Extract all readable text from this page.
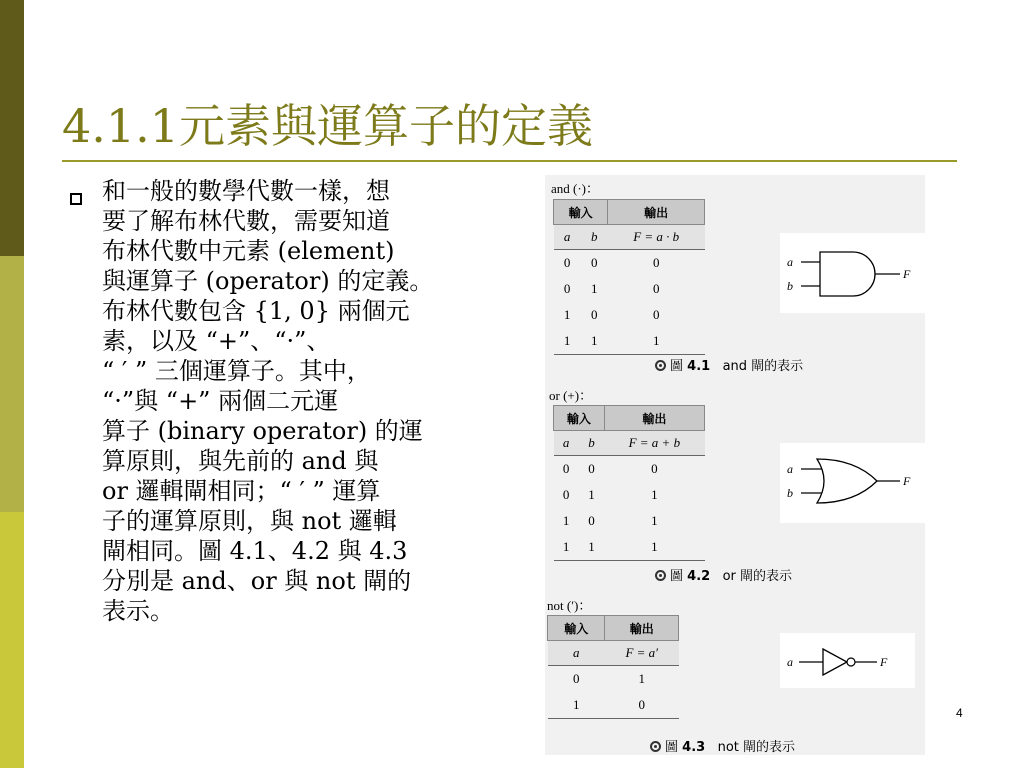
4.1.1元素與運算子的定義
和一般的數學代數一樣，想
要了解布林代數，需要知道
布林代數中元素 (element)
與運算子 (operator) 的定義。
布林代數包含 {1, 0} 兩個元
素，以及 “+”、“·”、
“ ′ ” 三個運算子。其中，
“·”與 “+” 兩個二元運
算子 (binary operator) 的運
算原則，與先前的 and 與
or 邏輯閘相同；“ ′ ” 運算
子的運算原則，與 not 邏輯
閘相同。圖 4.1、4.2 與 4.3
分別是 and、or 與 not 閘的
表示。
and (·)：
輸入		輸出
a	b	F = a · b
0	0	0
0	1	0
1	0	0
1	1	1
a
b
F
圖 4.1 and 閘的表示
or (+)：
輸入		輸出
a	b	F = a + b
0	0	0
0	1	1
1	0	1
1	1	1
a
b
F
圖 4.2 or 閘的表示
not (′)：
輸入	輸出
a	F = a′
0	1
1	0
a	F
圖 4.3 not 閘的表示
4
